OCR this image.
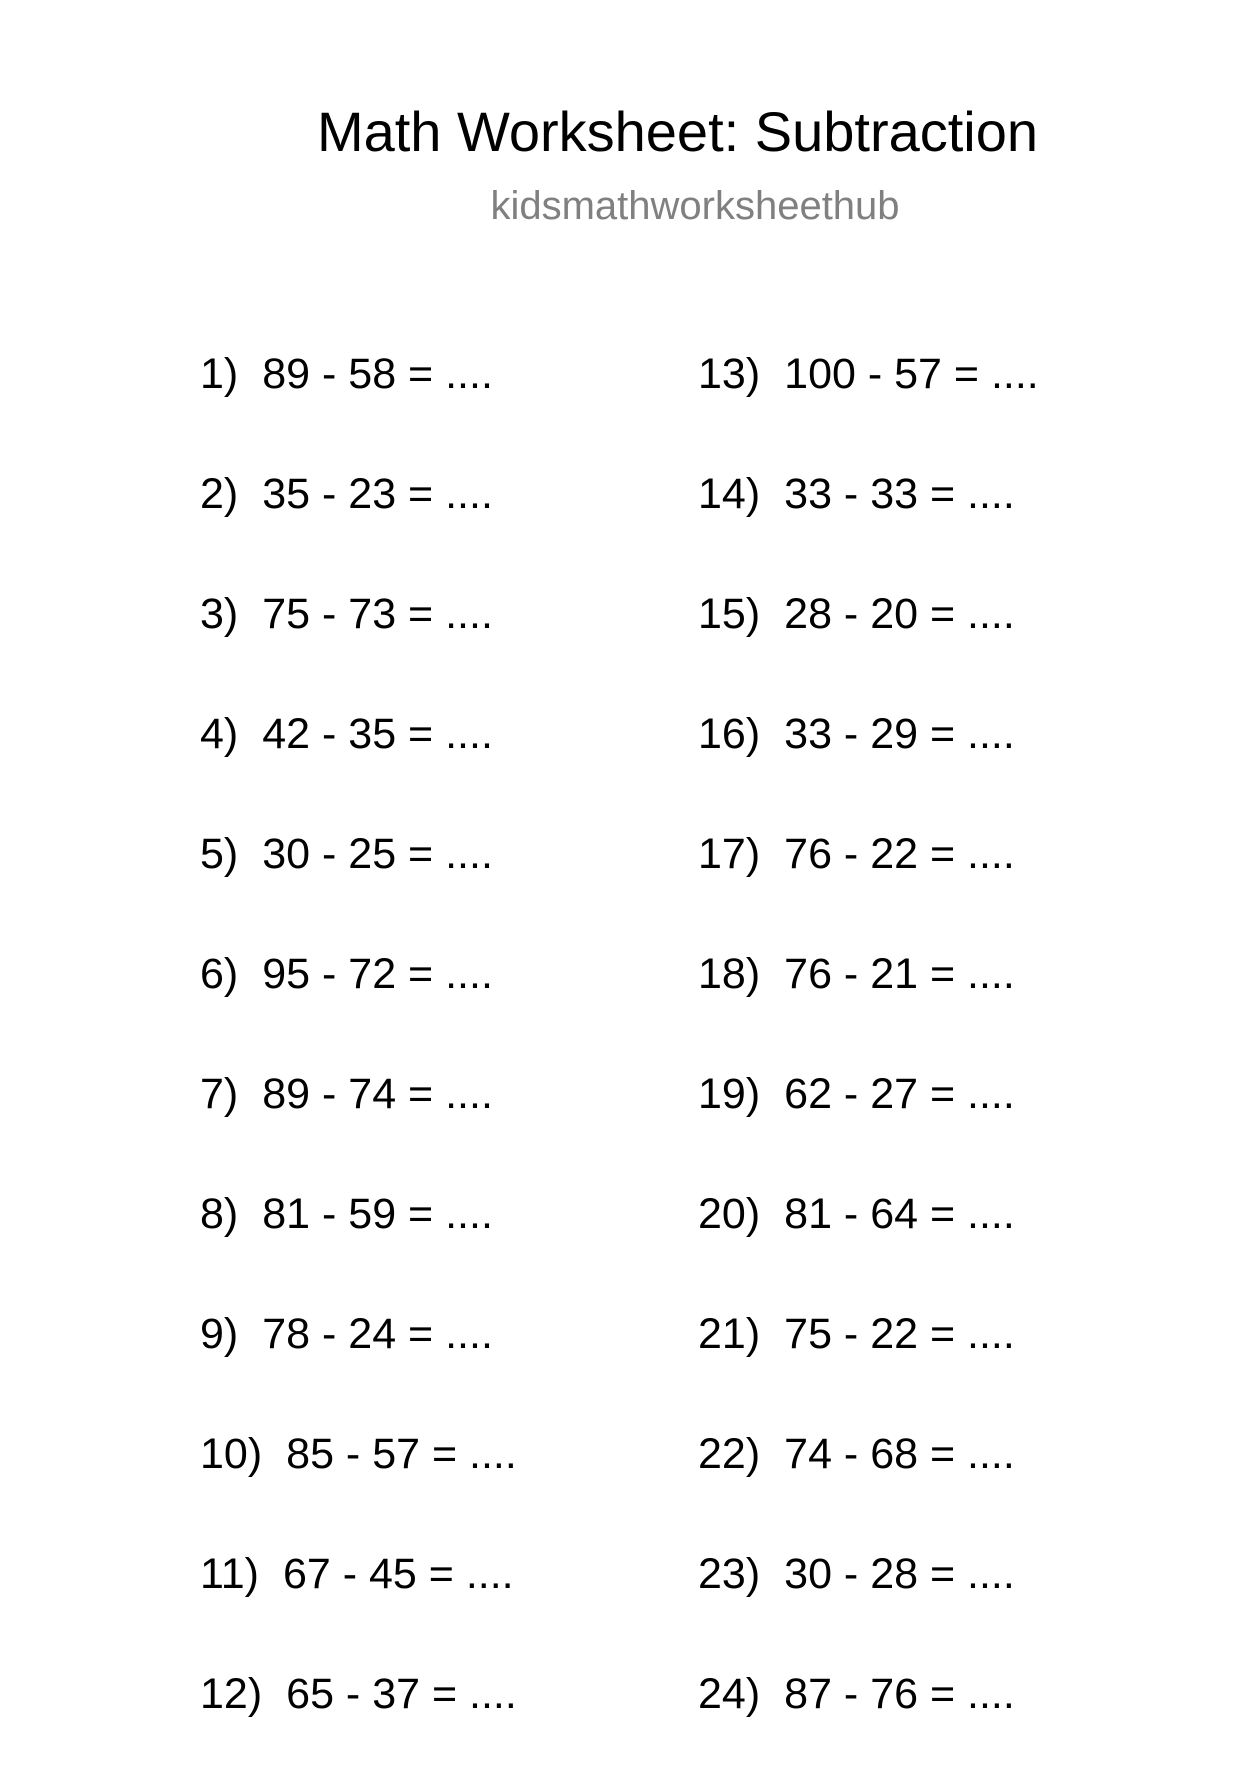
Math Worksheet: Subtraction
kidsmathworksheethub
1) 89 - 58 = ....
2) 35 - 23 = ....
3) 75 - 73 = ....
4) 42 - 35 = ....
5) 30 - 25 = ....
6) 95 - 72 = ....
7) 89 - 74 = ....
8) 81 - 59 = ....
9) 78 - 24 = ....
10) 85 - 57 = ....
11) 67 - 45 = ....
12) 65 - 37 = ....
13) 100 - 57 = ....
14) 33 - 33 = ....
15) 28 - 20 = ....
16) 33 - 29 = ....
17) 76 - 22 = ....
18) 76 - 21 = ....
19) 62 - 27 = ....
20) 81 - 64 = ....
21) 75 - 22 = ....
22) 74 - 68 = ....
23) 30 - 28 = ....
24) 87 - 76 = ....
